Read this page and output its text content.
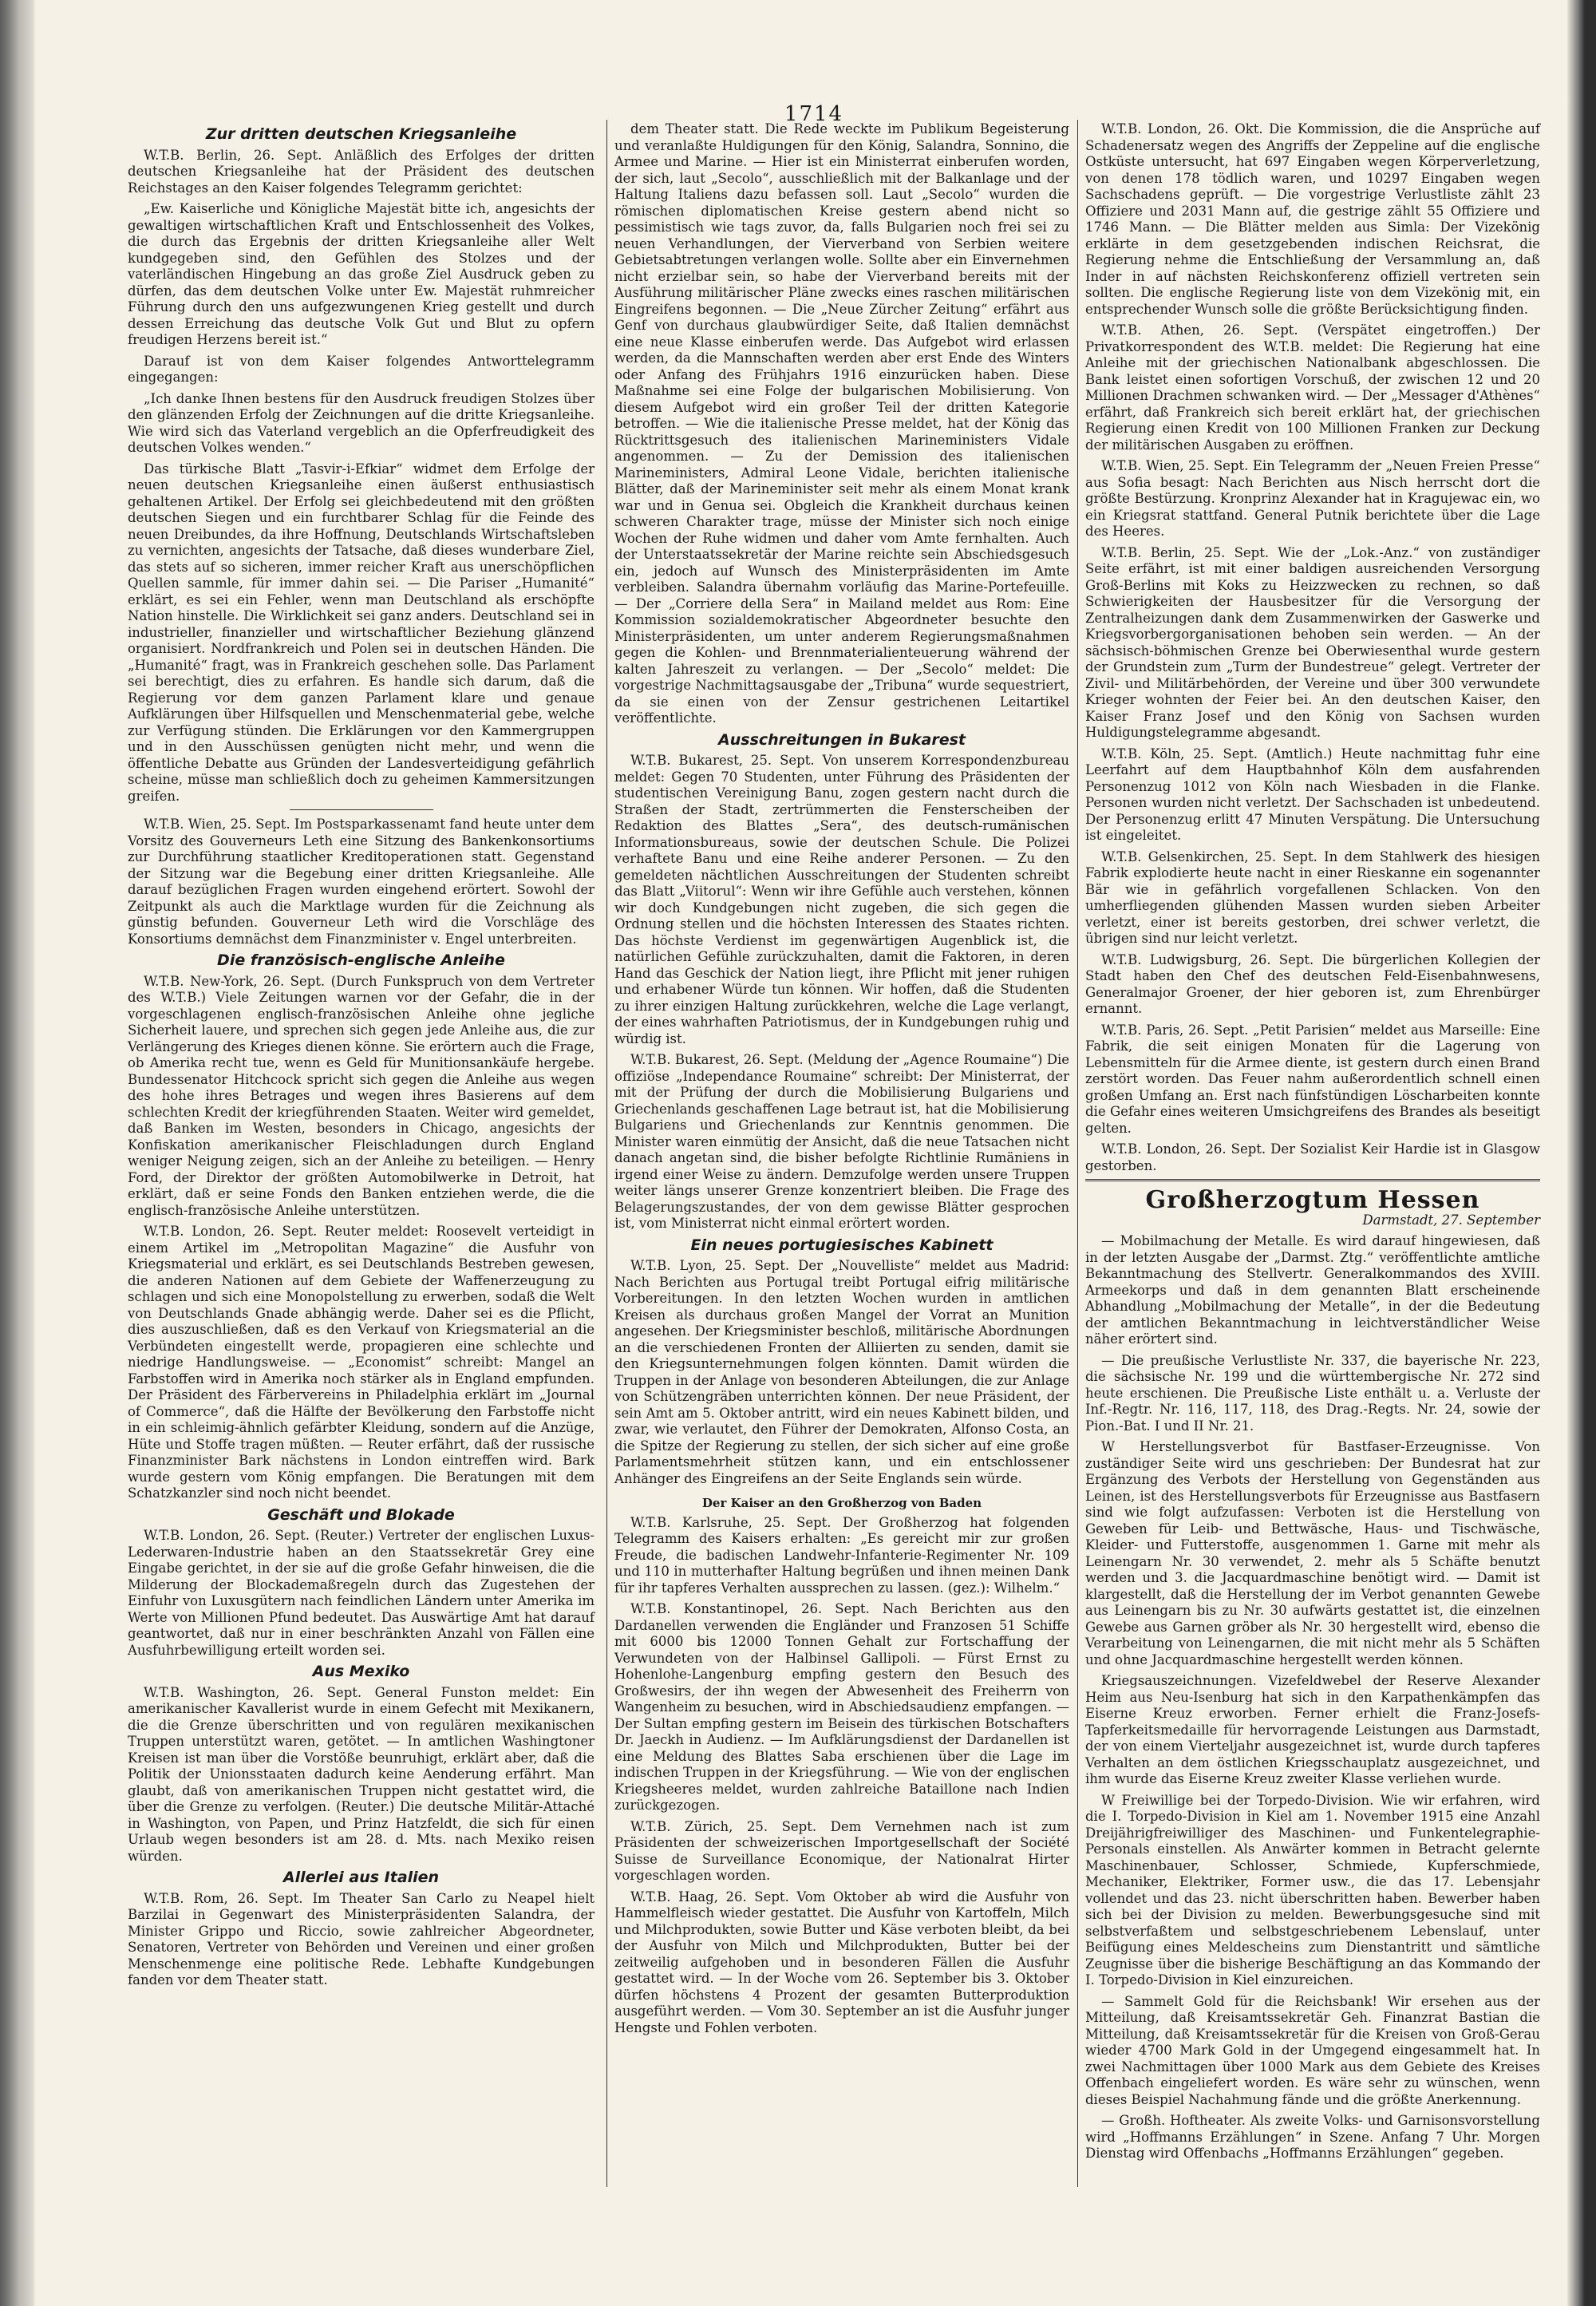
1714
Zur dritten deutschen Kriegsanleihe

W.T.B. Berlin, 26. Sept. Anläßlich des Erfolges der dritten deutschen Kriegsanleihe hat der Präsident des deutschen Reichstages an den Kaiser folgendes Telegramm gerichtet:

„Ew. Kaiserliche und Königliche Majestät bitte ich, angesichts der gewaltigen wirtschaftlichen Kraft und Entschlossenheit des Volkes, die durch das Ergebnis der dritten Kriegsanleihe aller Welt kundgegeben sind, den Gefühlen des Stolzes und der vaterländischen Hingebung an das große Ziel Ausdruck geben zu dürfen, das dem deutschen Volke unter Ew. Majestät ruhmreicher Führung durch den uns aufgezwungenen Krieg gestellt und durch dessen Erreichung das deutsche Volk Gut und Blut zu opfern freudigen Herzens bereit ist.“

Darauf ist von dem Kaiser folgendes Antworttelegramm eingegangen:

„Ich danke Ihnen bestens für den Ausdruck freudigen Stolzes über den glänzenden Erfolg der Zeichnungen auf die dritte Kriegsanleihe. Wie wird sich das Vaterland vergeblich an die Opferfreudigkeit des deutschen Volkes wenden.“

Das türkische Blatt „Tasvir-i-Efkiar“ widmet dem Erfolge der neuen deutschen Kriegsanleihe einen äußerst enthusiastisch gehaltenen Artikel. Der Erfolg sei gleichbedeutend mit den größten deutschen Siegen und ein furchtbarer Schlag für die Feinde des neuen Dreibundes, da ihre Hoffnung, Deutschlands Wirtschaftsleben zu vernichten, angesichts der Tatsache, daß dieses wunderbare Ziel, das stets auf so sicheren, immer reicher Kraft aus unerschöpflichen Quellen sammle, für immer dahin sei. — Die Pariser „Humanité“ erklärt, es sei ein Fehler, wenn man Deutschland als erschöpfte Nation hinstelle. Die Wirklichkeit sei ganz anders. Deutschland sei in industrieller, finanzieller und wirtschaftlicher Beziehung glänzend organisiert. Nordfrankreich und Polen sei in deutschen Händen. Die „Humanité“ fragt, was in Frankreich geschehen solle. Das Parlament sei berechtigt, dies zu erfahren. Es handle sich darum, daß die Regierung vor dem ganzen Parlament klare und genaue Aufklärungen über Hilfsquellen und Menschenmaterial gebe, welche zur Verfügung stünden. Die Erklärungen vor den Kammergruppen und in den Ausschüssen genügten nicht mehr, und wenn die öffentliche Debatte aus Gründen der Landesverteidigung gefährlich scheine, müsse man schließlich doch zu geheimen Kammersitzungen greifen.

W.T.B. Wien, 25. Sept. Im Postsparkassenamt fand heute unter dem Vorsitz des Gouverneurs Leth eine Sitzung des Bankenkonsortiums zur Durchführung staatlicher Kreditoperationen statt. Gegenstand der Sitzung war die Begebung einer dritten Kriegsanleihe. Alle darauf bezüglichen Fragen wurden eingehend erörtert. Sowohl der Zeitpunkt als auch die Marktlage wurden für die Zeichnung als günstig befunden. Gouverneur Leth wird die Vorschläge des Konsortiums demnächst dem Finanzminister v. Engel unterbreiten.

Die französisch-englische Anleihe

W.T.B. New-York, 26. Sept. (Durch Funkspruch von dem Vertreter des W.T.B.) Viele Zeitungen warnen vor der Gefahr, die in der vorgeschlagenen englisch-französischen Anleihe ohne jegliche Sicherheit lauere, und sprechen sich gegen jede Anleihe aus, die zur Verlängerung des Krieges dienen könne. Sie erörtern auch die Frage, ob Amerika recht tue, wenn es Geld für Munitionsankäufe hergebe. Bundessenator Hitchcock spricht sich gegen die Anleihe aus wegen des hohe ihres Betrages und wegen ihres Basierens auf dem schlechten Kredit der kriegführenden Staaten. Weiter wird gemeldet, daß Banken im Westen, besonders in Chicago, angesichts der Konfiskation amerikanischer Fleischladungen durch England weniger Neigung zeigen, sich an der Anleihe zu beteiligen. — Henry Ford, der Direktor der größten Automobilwerke in Detroit, hat erklärt, daß er seine Fonds den Banken entziehen werde, die die englisch-französische Anleihe unterstützen.

W.T.B. London, 26. Sept. Reuter meldet: Roosevelt verteidigt in einem Artikel im „Metropolitan Magazine“ die Ausfuhr von Kriegsmaterial und erklärt, es sei Deutschlands Bestreben gewesen, die anderen Nationen auf dem Gebiete der Waffenerzeugung zu schlagen und sich eine Monopolstellung zu erwerben, sodaß die Welt von Deutschlands Gnade abhängig werde. Daher sei es die Pflicht, dies auszuschließen, daß es den Verkauf von Kriegsmaterial an die Verbündeten eingestellt werde, propagieren eine schlechte und niedrige Handlungsweise. — „Economist“ schreibt: Mangel an Farbstoffen wird in Amerika noch stärker als in England empfunden. Der Präsident des Färbervereins in Philadelphia erklärt im „Journal of Commerce“, daß die Hälfte der Bevölkerung den Farbstoffe nicht in ein schleimig-ähnlich gefärbter Kleidung, sondern auf die Anzüge, Hüte und Stoffe tragen müßten. — Reuter erfährt, daß der russische Finanzminister Bark nächstens in London eintreffen wird. Bark wurde gestern vom König empfangen. Die Beratungen mit dem Schatzkanzler sind noch nicht beendet.

Geschäft und Blokade

W.T.B. London, 26. Sept. (Reuter.) Vertreter der englischen Luxus-Lederwaren-Industrie haben an den Staatssekretär Grey eine Eingabe gerichtet, in der sie auf die große Gefahr hinweisen, die die Milderung der Blockademaßregeln durch das Zugestehen der Einfuhr von Luxusgütern nach feindlichen Ländern unter Amerika im Werte von Millionen Pfund bedeutet. Das Auswärtige Amt hat darauf geantwortet, daß nur in einer beschränkten Anzahl von Fällen eine Ausfuhrbewilligung erteilt worden sei.

Aus Mexiko

W.T.B. Washington, 26. Sept. General Funston meldet: Ein amerikanischer Kavallerist wurde in einem Gefecht mit Mexikanern, die die Grenze überschritten und von regulären mexikanischen Truppen unterstützt waren, getötet. — In amtlichen Washingtoner Kreisen ist man über die Vorstöße beunruhigt, erklärt aber, daß die Politik der Unionsstaaten dadurch keine Aenderung erfährt. Man glaubt, daß von amerikanischen Truppen nicht gestattet wird, die über die Grenze zu verfolgen. (Reuter.) Die deutsche Militär-Attaché in Washington, von Papen, und Prinz Hatzfeldt, die sich für einen Urlaub wegen besonders ist am 28. d. Mts. nach Mexiko reisen würden.

Allerlei aus Italien

W.T.B. Rom, 26. Sept. Im Theater San Carlo zu Neapel hielt Barzilai in Gegenwart des Ministerpräsidenten Salandra, der Minister Grippo und Riccio, sowie zahlreicher Abgeordneter, Senatoren, Vertreter von Behörden und Vereinen und einer großen Menschenmenge eine politische Rede. Lebhafte Kundgebungen fanden vor dem Theater statt.

dem Theater statt. Die Rede weckte im Publikum Begeisterung und veranlaßte Huldigungen für den König, Salandra, Sonnino, die Armee und Marine. — Hier ist ein Ministerrat einberufen worden, der sich, laut „Secolo“, ausschließlich mit der Balkanlage und der Haltung Italiens dazu befassen soll. Laut „Secolo“ wurden die römischen diplomatischen Kreise gestern abend nicht so pessimistisch wie tags zuvor, da, falls Bulgarien noch frei sei zu neuen Verhandlungen, der Vierverband von Serbien weitere Gebietsabtretungen verlangen wolle. Sollte aber ein Einvernehmen nicht erzielbar sein, so habe der Vierverband bereits mit der Ausführung militärischer Pläne zwecks eines raschen militärischen Eingreifens begonnen. — Die „Neue Zürcher Zeitung“ erfährt aus Genf von durchaus glaubwürdiger Seite, daß Italien demnächst eine neue Klasse einberufen werde. Das Aufgebot wird erlassen werden, da die Mannschaften werden aber erst Ende des Winters oder Anfang des Frühjahrs 1916 einzurücken haben. Diese Maßnahme sei eine Folge der bulgarischen Mobilisierung. Von diesem Aufgebot wird ein großer Teil der dritten Kategorie betroffen. — Wie die italienische Presse meldet, hat der König das Rücktrittsgesuch des italienischen Marineministers Vidale angenommen. — Zu der Demission des italienischen Marineministers, Admiral Leone Vidale, berichten italienische Blätter, daß der Marineminister seit mehr als einem Monat krank war und in Genua sei. Obgleich die Krankheit durchaus keinen schweren Charakter trage, müsse der Minister sich noch einige Wochen der Ruhe widmen und daher vom Amte fernhalten. Auch der Unterstaatssekretär der Marine reichte sein Abschiedsgesuch ein, jedoch auf Wunsch des Ministerpräsidenten im Amte verbleiben. Salandra übernahm vorläufig das Marine-Portefeuille. — Der „Corriere della Sera“ in Mailand meldet aus Rom: Eine Kommission sozialdemokratischer Abgeordneter besuchte den Ministerpräsidenten, um unter anderem Regierungsmaßnahmen gegen die Kohlen- und Brennmaterialienteuerung während der kalten Jahreszeit zu verlangen. — Der „Secolo“ meldet: Die vorgestrige Nachmittagsausgabe der „Tribuna“ wurde sequestriert, da sie einen von der Zensur gestrichenen Leitartikel veröffentlichte.

Ausschreitungen in Bukarest

W.T.B. Bukarest, 25. Sept. Von unserem Korrespondenzbureau meldet: Gegen 70 Studenten, unter Führung des Präsidenten der studentischen Vereinigung Banu, zogen gestern nacht durch die Straßen der Stadt, zertrümmerten die Fensterscheiben der Redaktion des Blattes „Sera“, des deutsch-rumänischen Informationsbureaus, sowie der deutschen Schule. Die Polizei verhaftete Banu und eine Reihe anderer Personen. — Zu den gemeldeten nächtlichen Ausschreitungen der Studenten schreibt das Blatt „Viitorul“: Wenn wir ihre Gefühle auch verstehen, können wir doch Kundgebungen nicht zugeben, die sich gegen die Ordnung stellen und die höchsten Interessen des Staates richten. Das höchste Verdienst im gegenwärtigen Augenblick ist, die natürlichen Gefühle zurückzuhalten, damit die Faktoren, in deren Hand das Geschick der Nation liegt, ihre Pflicht mit jener ruhigen und erhabener Würde tun können. Wir hoffen, daß die Studenten zu ihrer einzigen Haltung zurückkehren, welche die Lage verlangt, der eines wahrhaften Patriotismus, der in Kundgebungen ruhig und würdig ist.

W.T.B. Bukarest, 26. Sept. (Meldung der „Agence Roumaine“) Die offiziöse „Independance Roumaine“ schreibt: Der Ministerrat, der mit der Prüfung der durch die Mobilisierung Bulgariens und Griechenlands geschaffenen Lage betraut ist, hat die Mobilisierung Bulgariens und Griechenlands zur Kenntnis genommen. Die Minister waren einmütig der Ansicht, daß die neue Tatsachen nicht danach angetan sind, die bisher befolgte Richtlinie Rumäniens in irgend einer Weise zu ändern. Demzufolge werden unsere Truppen weiter längs unserer Grenze konzentriert bleiben. Die Frage des Belagerungszustandes, der von dem gewisse Blätter gesprochen ist, vom Ministerrat nicht einmal erörtert worden.

Ein neues portugiesisches Kabinett

W.T.B. Lyon, 25. Sept. Der „Nouvelliste“ meldet aus Madrid: Nach Berichten aus Portugal treibt Portugal eifrig militärische Vorbereitungen. In den letzten Wochen wurden in amtlichen Kreisen als durchaus großen Mangel der Vorrat an Munition angesehen. Der Kriegsminister beschloß, militärische Abordnungen an die verschiedenen Fronten der Alliierten zu senden, damit sie den Kriegsunternehmungen folgen könnten. Damit würden die Truppen in der Anlage von besonderen Abteilungen, die zur Anlage von Schützengräben unterrichten können. Der neue Präsident, der sein Amt am 5. Oktober antritt, wird ein neues Kabinett bilden, und zwar, wie verlautet, den Führer der Demokraten, Alfonso Costa, an die Spitze der Regierung zu stellen, der sich sicher auf eine große Parlamentsmehrheit stützen kann, und ein entschlossener Anhänger des Eingreifens an der Seite Englands sein würde.

Der Kaiser an den Großherzog von Baden

W.T.B. Karlsruhe, 25. Sept. Der Großherzog hat folgenden Telegramm des Kaisers erhalten: „Es gereicht mir zur großen Freude, die badischen Landwehr-Infanterie-Regimenter Nr. 109 und 110 in mutterhafter Haltung begrüßen und ihnen meinen Dank für ihr tapferes Verhalten aussprechen zu lassen. (gez.): Wilhelm.“

W.T.B. Konstantinopel, 26. Sept. Nach Berichten aus den Dardanellen verwenden die Engländer und Franzosen 51 Schiffe mit 6000 bis 12000 Tonnen Gehalt zur Fortschaffung der Verwundeten von der Halbinsel Gallipoli. — Fürst Ernst zu Hohenlohe-Langenburg empfing gestern den Besuch des Großwesirs, der ihn wegen der Abwesenheit des Freiherrn von Wangenheim zu besuchen, wird in Abschiedsaudienz empfangen. — Der Sultan empfing gestern im Beisein des türkischen Botschafters Dr. Jaeckh in Audienz. — Im Aufklärungsdienst der Dardanellen ist eine Meldung des Blattes Saba erschienen über die Lage im indischen Truppen in der Kriegsführung. — Wie von der englischen Kriegsheeres meldet, wurden zahlreiche Bataillone nach Indien zurückgezogen.

W.T.B. Zürich, 25. Sept. Dem Vernehmen nach ist zum Präsidenten der schweizerischen Importgesellschaft der Société Suisse de Surveillance Economique, der Nationalrat Hirter vorgeschlagen worden.

W.T.B. Haag, 26. Sept. Vom Oktober ab wird die Ausfuhr von Hammelfleisch wieder gestattet. Die Ausfuhr von Kartoffeln, Milch und Milchprodukten, sowie Butter und Käse verboten bleibt, da bei der Ausfuhr von Milch und Milchprodukten, Butter bei der zeitweilig aufgehoben und in besonderen Fällen die Ausfuhr gestattet wird. — In der Woche vom 26. September bis 3. Oktober dürfen höchstens 4 Prozent der gesamten Butterproduktion ausgeführt werden. — Vom 30. September an ist die Ausfuhr junger Hengste und Fohlen verboten.

W.T.B. London, 26. Okt. Die Kommission, die die Ansprüche auf Schadenersatz wegen des Angriffs der Zeppeline auf die englische Ostküste untersucht, hat 697 Eingaben wegen Körperverletzung, von denen 178 tödlich waren, und 10297 Eingaben wegen Sachschadens geprüft. — Die vorgestrige Verlustliste zählt 23 Offiziere und 2031 Mann auf, die gestrige zählt 55 Offiziere und 1746 Mann. — Die Blätter melden aus Simla: Der Vizekönig erklärte in dem gesetzgebenden indischen Reichsrat, die Regierung nehme die Entschließung der Versammlung an, daß Inder in auf nächsten Reichskonferenz offiziell vertreten sein sollten. Die englische Regierung liste von dem Vizekönig mit, ein entsprechender Wunsch solle die größte Berücksichtigung finden.

W.T.B. Athen, 26. Sept. (Verspätet eingetroffen.) Der Privatkorrespondent des W.T.B. meldet: Die Regierung hat eine Anleihe mit der griechischen Nationalbank abgeschlossen. Die Bank leistet einen sofortigen Vorschuß, der zwischen 12 und 20 Millionen Drachmen schwanken wird. — Der „Messager d'Athènes“ erfährt, daß Frankreich sich bereit erklärt hat, der griechischen Regierung einen Kredit von 100 Millionen Franken zur Deckung der militärischen Ausgaben zu eröffnen.

W.T.B. Wien, 25. Sept. Ein Telegramm der „Neuen Freien Presse“ aus Sofia besagt: Nach Berichten aus Nisch herrscht dort die größte Bestürzung. Kronprinz Alexander hat in Kragujewac ein, wo ein Kriegsrat stattfand. General Putnik berichtete über die Lage des Heeres.

W.T.B. Berlin, 25. Sept. Wie der „Lok.-Anz.“ von zuständiger Seite erfährt, ist mit einer baldigen ausreichenden Versorgung Groß-Berlins mit Koks zu Heizzwecken zu rechnen, so daß Schwierigkeiten der Hausbesitzer für die Versorgung der Zentralheizungen dank dem Zusammenwirken der Gaswerke und Kriegsvorbergorganisationen behoben sein werden. — An der sächsisch-böhmischen Grenze bei Oberwiesenthal wurde gestern der Grundstein zum „Turm der Bundestreue“ gelegt. Vertreter der Zivil- und Militärbehörden, der Vereine und über 300 verwundete Krieger wohnten der Feier bei. An den deutschen Kaiser, den Kaiser Franz Josef und den König von Sachsen wurden Huldigungstelegramme abgesandt.

W.T.B. Köln, 25. Sept. (Amtlich.) Heute nachmittag fuhr eine Leerfahrt auf dem Hauptbahnhof Köln dem ausfahrenden Personenzug 1012 von Köln nach Wiesbaden in die Flanke. Personen wurden nicht verletzt. Der Sachschaden ist unbedeutend. Der Personenzug erlitt 47 Minuten Verspätung. Die Untersuchung ist eingeleitet.

W.T.B. Gelsenkirchen, 25. Sept. In dem Stahlwerk des hiesigen Fabrik explodierte heute nacht in einer Rieskanne ein sogenannter Bär wie in gefährlich vorgefallenen Schlacken. Von den umherfliegenden glühenden Massen wurden sieben Arbeiter verletzt, einer ist bereits gestorben, drei schwer verletzt, die übrigen sind nur leicht verletzt.

W.T.B. Ludwigsburg, 26. Sept. Die bürgerlichen Kollegien der Stadt haben den Chef des deutschen Feld-Eisenbahnwesens, Generalmajor Groener, der hier geboren ist, zum Ehrenbürger ernannt.

W.T.B. Paris, 26. Sept. „Petit Parisien“ meldet aus Marseille: Eine Fabrik, die seit einigen Monaten für die Lagerung von Lebensmitteln für die Armee diente, ist gestern durch einen Brand zerstört worden. Das Feuer nahm außerordentlich schnell einen großen Umfang an. Erst nach fünfstündigen Löscharbeiten konnte die Gefahr eines weiteren Umsichgreifens des Brandes als beseitigt gelten.

W.T.B. London, 26. Sept. Der Sozialist Keir Hardie ist in Glasgow gestorben.

Großherzogtum Hessen

Darmstadt, 27. September

— Mobilmachung der Metalle. Es wird darauf hingewiesen, daß in der letzten Ausgabe der „Darmst. Ztg.“ veröffentlichte amtliche Bekanntmachung des Stellvertr. Generalkommandos des XVIII. Armeekorps und daß in dem genannten Blatt erscheinende Abhandlung „Mobilmachung der Metalle“, in der die Bedeutung der amtlichen Bekanntmachung in leichtverständlicher Weise näher erörtert sind.

— Die preußische Verlustliste Nr. 337, die bayerische Nr. 223, die sächsische Nr. 199 und die württembergische Nr. 272 sind heute erschienen. Die Preußische Liste enthält u. a. Verluste der Inf.-Regtr. Nr. 116, 117, 118, des Drag.-Regts. Nr. 24, sowie der Pion.-Bat. I und II Nr. 21.

W Herstellungsverbot für Bastfaser-Erzeugnisse. Von zuständiger Seite wird uns geschrieben: Der Bundesrat hat zur Ergänzung des Verbots der Herstellung von Gegenständen aus Leinen, ist des Herstellungsverbots für Erzeugnisse aus Bastfasern sind wie folgt aufzufassen: Verboten ist die Herstellung von Geweben für Leib- und Bettwäsche, Haus- und Tischwäsche, Kleider- und Futterstoffe, ausgenommen 1. Garne mit mehr als Leinengarn Nr. 30 verwendet, 2. mehr als 5 Schäfte benutzt werden und 3. die Jacquardmaschine benötigt wird. — Damit ist klargestellt, daß die Herstellung der im Verbot genannten Gewebe aus Leinengarn bis zu Nr. 30 aufwärts gestattet ist, die einzelnen Gewebe aus Garnen gröber als Nr. 30 hergestellt wird, ebenso die Verarbeitung von Leinengarnen, die mit nicht mehr als 5 Schäften und ohne Jacquardmaschine hergestellt werden können.

Kriegsauszeichnungen. Vizefeldwebel der Reserve Alexander Heim aus Neu-Isenburg hat sich in den Karpathenkämpfen das Eiserne Kreuz erworben. Ferner erhielt die Franz-Josefs-Tapferkeitsmedaille für hervorragende Leistungen aus Darmstadt, der von einem Vierteljahr ausgezeichnet ist, wurde durch tapferes Verhalten an dem östlichen Kriegsschauplatz ausgezeichnet, und ihm wurde das Eiserne Kreuz zweiter Klasse verliehen wurde.

W Freiwillige bei der Torpedo-Division. Wie wir erfahren, wird die I. Torpedo-Division in Kiel am 1. November 1915 eine Anzahl Dreijährigfreiwilliger des Maschinen- und Funkentelegraphie-Personals einstellen. Als Anwärter kommen in Betracht gelernte Maschinenbauer, Schlosser, Schmiede, Kupferschmiede, Mechaniker, Elektriker, Former usw., die das 17. Lebensjahr vollendet und das 23. nicht überschritten haben. Bewerber haben sich bei der Division zu melden. Bewerbungsgesuche sind mit selbstverfaßtem und selbstgeschriebenem Lebenslauf, unter Beifügung eines Meldescheins zum Dienstantritt und sämtliche Zeugnisse über die bisherige Beschäftigung an das Kommando der I. Torpedo-Division in Kiel einzureichen.

— Sammelt Gold für die Reichsbank! Wir ersehen aus der Mitteilung, daß Kreisamtssekretär Geh. Finanzrat Bastian die Mitteilung, daß Kreisamtssekretär für die Kreisen von Groß-Gerau wieder 4700 Mark Gold in der Umgegend eingesammelt hat. In zwei Nachmittagen über 1000 Mark aus dem Gebiete des Kreises Offenbach eingeliefert worden. Es wäre sehr zu wünschen, wenn dieses Beispiel Nachahmung fände und die größte Anerkennung.

— Großh. Hoftheater. Als zweite Volks- und Garnisonsvorstellung wird „Hoffmanns Erzählungen“ in Szene. Anfang 7 Uhr. Morgen Dienstag wird Offenbachs „Hoffmanns Erzählungen“ gegeben.
